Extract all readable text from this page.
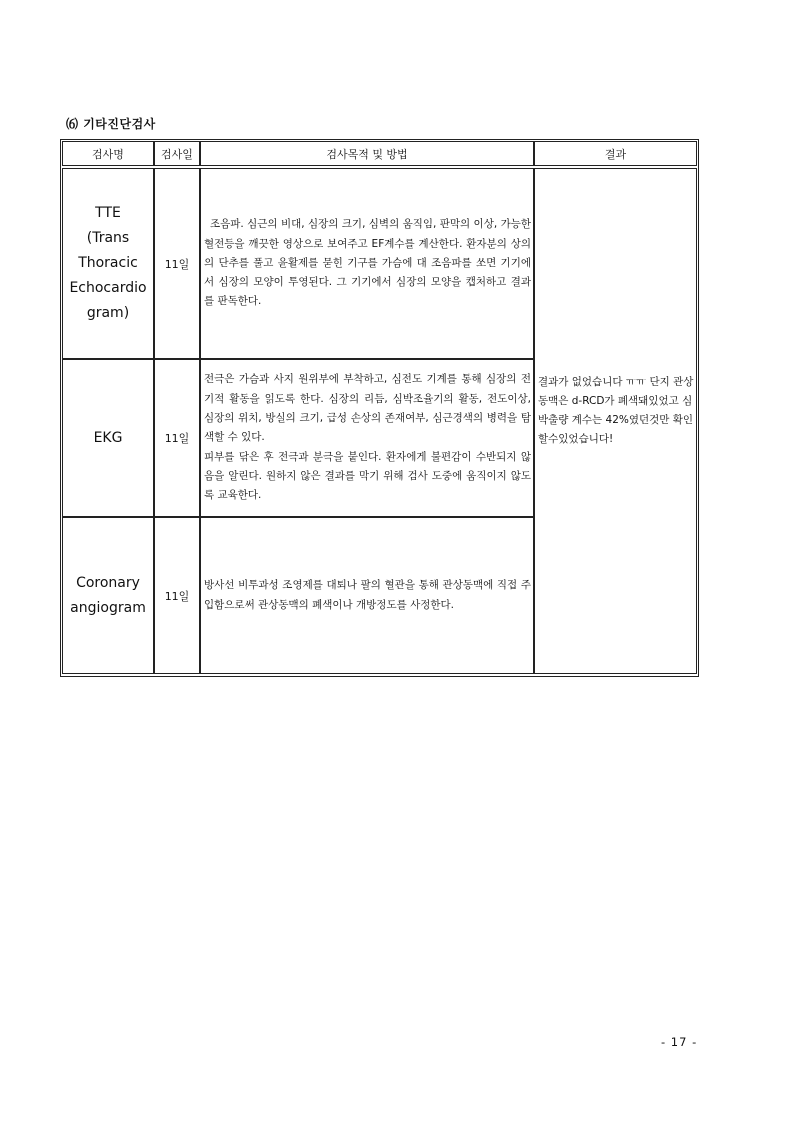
⑹ 기타진단검사
검사명	검사일	검사목적 및 방법	결과

TTE
(Trans
Thoracic
Echocardio
gram)	11일	조음파. 심근의 비대, 심장의 크기, 심벽의 움직임, 판막의 이상, 가능한 혈전등을 깨끗한 영상으로 보여주고 EF계수를 계산한다. 환자분의 상의의 단추를 풀고 윤활제를 묻힌 기구를 가슴에 대 조음파를 쏘면 기기에서 심장의 모양이 투영된다. 그 기기에서 심장의 모양을 캡처하고 결과를 판독한다.	결과가 없었습니다 ㅠㅠ 단지 관상동맥은 d-RCD가 폐색돼있었고 심박출량 계수는 42%였던것만 확인할수있었습니다!

EKG	11일	전극은 가슴과 사지 원위부에 부착하고, 심전도 기계를 통해 심장의 전기적 활동을 읽도록 한다. 심장의 리듬, 심박조율기의 활동, 전도이상, 심장의 위치, 방실의 크기, 급성 손상의 존재여부, 심근경색의 병력을 탐색할 수 있다.
피부를 닦은 후 전극과 분극을 붙인다. 환자에게 불편감이 수반되지 않음을 알린다. 원하지 않은 결과를 막기 위해 검사 도중에 움직이지 않도록 교육한다.	

Coronary
angiogram	11일	방사선 비투과성 조영제를 대퇴나 팔의 혈관을 통해 관상동맥에 직접 주입함으로써 관상동맥의 폐색이나 개방정도를 사정한다.	
- 17 -
